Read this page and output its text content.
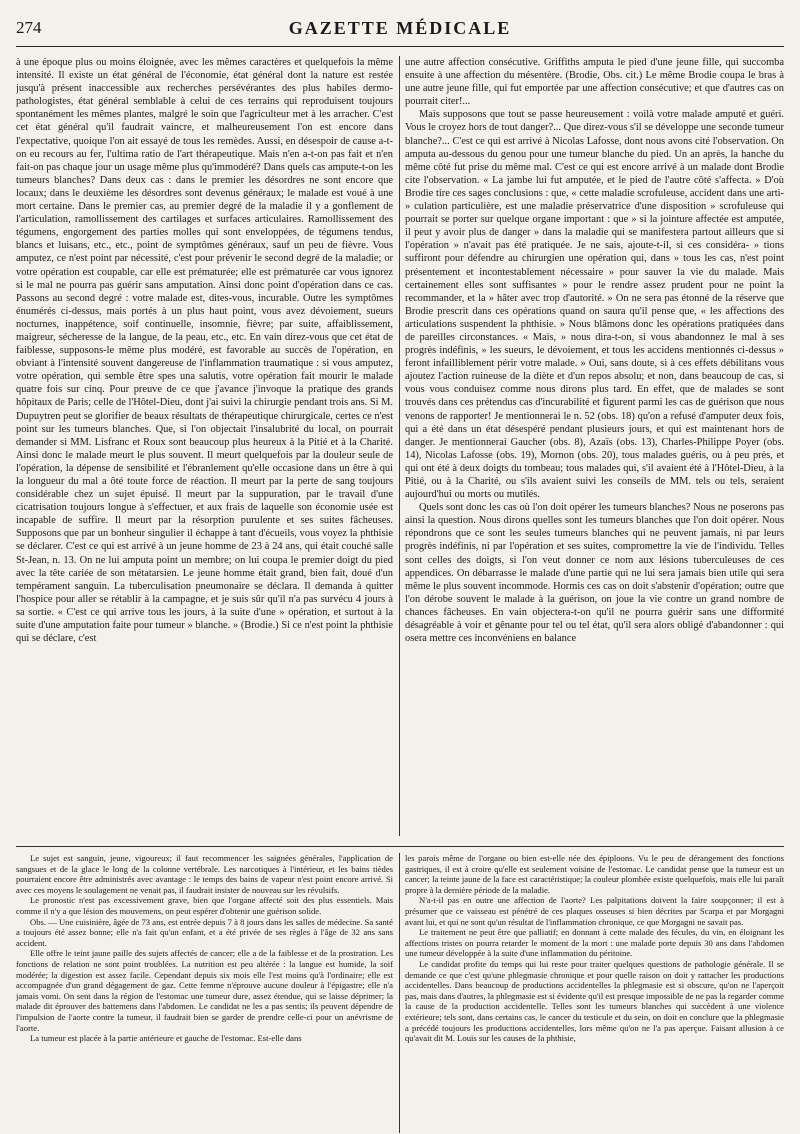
274	GAZETTE MÉDICALE

à une époque plus ou moins éloignée, avec les mêmes caractères et quelquefois la même intensité. Il existe un état général de l'économie, état général dont la nature est restée jusqu'à présent inaccessible aux recherches persévérantes des plus habiles dermo-pathologistes, état général semblable à celui de ces terrains qui reproduisent toujours spontanément les mêmes plantes, malgré le soin que l'agriculteur met à les arracher. C'est cet état général qu'il faudrait vaincre, et malheureusement l'on est encore dans l'expectative, quoique l'on ait essayé de tous les remèdes. Aussi, en désespoir de cause a-t-on eu recours au fer, l'ultima ratio de l'art thérapeutique. Mais n'en a-t-on pas fait et n'en fait-on pas chaque jour un usage même plus qu'immodéré? Dans quels cas ampute-t-on les tumeurs blanches? Dans deux cas : dans le premier les désordres ne sont encore que locaux; dans le deuxième les désordres sont devenus généraux; le malade est voué à une mort certaine. Dans le premier cas, au premier degré de la maladie il y a gonflement de l'articulation, ramollissement des cartilages et surfaces articulaires. Ramollissement des tégumens, engorgement des parties molles qui sont enveloppées, de tégumens tendus, blancs et luisans, etc., etc., point de symptômes généraux, sauf un peu de fièvre. Vous amputez, ce n'est point par nécessité, c'est pour prévenir le second degré de la maladie; or votre opération est coupable, car elle est prématurée; elle est prématurée car vous ignorez si le mal ne pourra pas guérir sans amputation. Ainsi donc point d'opération dans ce cas. Passons au second degré : votre malade est, dites-vous, incurable. Outre les symptômes énumérés ci-dessus, mais portés à un plus haut point, vous avez dévoiement, sueurs nocturnes, inappétence, soif continuelle, insomnie, fièvre; par suite, affaiblissement, maigreur, sécheresse de la langue, de la peau, etc., etc. En vain direz-vous que cet état de faiblesse, supposons-le même plus modéré, est favorable au succès de l'opération, en obviant à l'intensité souvent dangereuse de l'inflammation traumatique : si vous amputez, votre opération, qui semble être spes una salutis, votre opération fait mourir le malade quatre fois sur cinq. Pour preuve de ce que j'avance j'invoque la pratique des grands hôpitaux de Paris; celle de l'Hôtel-Dieu, dont j'ai suivi la chirurgie pendant trois ans. Si M. Dupuytren peut se glorifier de beaux résultats de thérapeutique chirurgicale, certes ce n'est point sur les tumeurs blanches. Que, si l'on objectait l'insalubrité du local, on pourrait demander si MM. Lisfranc et Roux sont beaucoup plus heureux à la Pitié et à la Charité. Ainsi donc le malade meurt le plus souvent. Il meurt quelquefois par la douleur seule de l'opération, la dépense de sensibilité et l'ébranlement qu'elle occasione dans un être à qui la longueur du mal a ôté toute force de réaction. Il meurt par la perte de sang toujours considérable chez un sujet épuisé. Il meurt par la suppuration, par le travail d'une cicatrisation toujours longue à s'effectuer, et aux frais de laquelle son économie usée est incapable de suffire. Il meurt par la résorption purulente et ses suites fâcheuses. Supposons que par un bonheur singulier il échappe à tant d'écueils, vous voyez la phthisie se déclarer. C'est ce qui est arrivé à un jeune homme de 23 à 24 ans, qui était couché salle St-Jean, n. 13. On ne lui amputa point un membre; on lui coupa le premier doigt du pied avec la tête cariée de son métatarsien. Le jeune homme était grand, bien fait, doué d'un tempérament sanguin. La tuberculisation pneumonaire se déclara. Il demanda à quitter l'hospice pour aller se rétablir à la campagne, et je suis sûr qu'il n'a pas survécu 4 jours à sa sortie. « C'est ce qui arrive tous les jours, à la suite d'une » opération, et surtout à la suite d'une amputation faite pour tumeur » blanche. » (Brodie.) Si ce n'est point la phthisie qui se déclare, c'est

une autre affection consécutive. Griffiths amputa le pied d'une jeune fille, qui succomba ensuite à une affection du mésentère. (Brodie, Obs. cit.) Le même Brodie coupa le bras à une autre jeune fille, qui fut emportée par une affection consécutive; et que d'autres cas on pourrait citer!...

Mais supposons que tout se passe heureusement : voilà votre malade amputé et guéri. Vous le croyez hors de tout danger?... Que direz-vous s'il se développe une seconde tumeur blanche?... C'est ce qui est arrivé à Nicolas Lafosse, dont nous avons cité l'observation. On amputa au-dessous du genou pour une tumeur blanche du pied. Un an après, la hanche du même côté fut prise du même mal. C'est ce qui est encore arrivé à un malade dont Brodie cite l'observation. « La jambe lui fut amputée, et le pied de l'autre côté s'affecta. » D'où Brodie tire ces sages conclusions : que, « cette maladie scrofuleuse, accident dans une arti- » culation particulière, est une maladie préservatrice d'une disposition » scrofuleuse qui pourrait se porter sur quelque organe important : que » si la jointure affectée est amputée, il peut y avoir plus de danger » dans la maladie qui se manifestera partout ailleurs que si l'opération » n'avait pas été pratiquée. Je ne sais, ajoute-t-il, si ces considéra- » tions suffiront pour défendre au chirurgien une opération qui, dans » tous les cas, n'est point présentement et incontestablement nécessaire » pour sauver la vie du malade. Mais certainement elles sont suffisantes » pour le rendre assez prudent pour ne point la recommander, et la » hâter avec trop d'autorité. » On ne sera pas étonné de la réserve que Brodie prescrit dans ces opérations quand on saura qu'il pense que, « les affections des articulations suspendent la phthisie. » Nous blâmons donc les opérations pratiquées dans de pareilles circonstances. « Mais, » nous dira-t-on, si vous abandonnez le mal à ses progrès indéfinis, » les sueurs, le dévoiement, et tous les accidens mentionnés ci-dessus » feront infailliblement périr votre malade. » Oui, sans doute, si à ces effets débilitans vous ajoutez l'action ruineuse de la diète et d'un repos absolu; et non, dans beaucoup de cas, si vous vous conduisez comme nous dirons plus tard. En effet, que de malades se sont trouvés dans ces prétendus cas d'incurabilité et figurent parmi les cas de guérison que nous venons de rapporter! Je mentionnerai le n. 52 (obs. 18) qu'on a refusé d'amputer deux fois, qui a été dans un état désespéré pendant plusieurs jours, et qui est maintenant hors de danger. Je mentionnerai Gaucher (obs. 8), Azaïs (obs. 13), Charles-Philippe Poyer (obs. 14), Nicolas Lafosse (obs. 19), Mornon (obs. 20), tous malades guéris, ou à peu près, et qui ont été à deux doigts du tombeau; tous malades qui, s'il avaient été à l'Hôtel-Dieu, à la Pitié, ou à la Charité, ou s'ils avaient suivi les conseils de MM. tels ou tels, seraient aujourd'hui ou morts ou mutilés.

Quels sont donc les cas où l'on doit opérer les tumeurs blanches? Nous ne poserons pas ainsi la question. Nous dirons quelles sont les tumeurs blanches que l'on doit opérer. Nous répondrons que ce sont les seules tumeurs blanches qui ne peuvent jamais, ni par leurs progrès indéfinis, ni par l'opération et ses suites, compromettre la vie de l'individu. Telles sont celles des doigts, si l'on veut donner ce nom aux lésions tuberculeuses de ces appendices. On débarrasse le malade d'une partie qui ne lui sera jamais bien utile qui sera même le plus souvent incommode. Hormis ces cas on doit s'abstenir d'opération; outre que l'on dérobe souvent le malade à la guérison, on joue la vie contre un grand nombre de chances fâcheuses. En vain objectera-t-on qu'il ne pourra guérir sans une difformité désagréable à voir et gênante pour tel ou tel état, qu'il sera alors obligé d'abandonner : qui osera mettre ces inconvéniens en balance

Le sujet est sanguin, jeune, vigoureux; il faut recommencer les saignées générales, l'application de sangsues et de la glace le long de la colonne vertébrale. Les narcotiques à l'intérieur, et les bains tièdes pourraient encore être administrés avec avantage : le temps des bains de vapeur n'est point encore arrivé. Si avec ces moyens le soulagement ne venait pas, il faudrait insister de nouveau sur les révulsifs.

Le pronostic n'est pas excessivement grave, bien que l'organe affecté soit des plus essentiels. Mais comme il n'y a que lésion des mouvemens, on peut espérer d'obtenir une guérison solide.

Obs. — Une cuisinière, âgée de 73 ans, est entrée depuis 7 à 8 jours dans les salles de médecine. Sa santé a toujours été assez bonne; elle n'a fait qu'un enfant, et a été privée de ses règles à l'âge de 32 ans sans accident.

Elle offre le teint jaune paille des sujets affectés de cancer; elle a de la faiblesse et de la prostration. Les fonctions de relation ne sont point troublées. La nutrition est peu altérée : la langue est humide, la soif modérée; la digestion est assez facile. Cependant depuis six mois elle l'est moins qu'à l'ordinaire; elle est accompagnée d'un grand dégagement de gaz. Cette femme n'éprouve aucune douleur à l'épigastre; elle n'a jamais vomi. On sent dans la région de l'estomac une tumeur dure, assez étendue, qui se laisse déprimer; la malade dit éprouver des battemens dans l'abdomen. Le candidat ne les a pas sentis; ils peuvent dépendre de l'impulsion de l'aorte contre la tumeur, il faudrait bien se garder de prendre celle-ci pour un anévrisme de l'aorte.

La tumeur est placée à la partie antérieure et gauche de l'estomac. Est-elle dans

les parois même de l'organe ou bien est-elle née des épiploons. Vu le peu de dérangement des fonctions gastriques, il est à croire qu'elle est seulement voisine de l'estomac. Le candidat pense que la tumeur est un cancer; la teinte jaune de la face est caractéristique; la couleur plombée existe quelquefois, mais elle lui paraît propre à la dernière période de la maladie.

N'a-t-il pas en outre une affection de l'aorte? Les palpitations doivent la faire soupçonner; il est à présumer que ce vaisseau est pénétré de ces plaques osseuses si bien décrites par Scarpa et par Morgagni avant lui, et qui ne sont qu'un résultat de l'inflammation chronique, ce que Morgagni ne savait pas.

Le traitement ne peut être que palliatif; en donnant à cette malade des fécules, du vin, en éloignant les affections tristes on pourra retarder le moment de la mort : une malade porte depuis 30 ans dans l'abdomen une tumeur développée à la suite d'une inflammation du péritoine.

Le candidat profite du temps qui lui reste pour traiter quelques questions de pathologie générale. Il se demande ce que c'est qu'une phlegmasie chronique et pour quelle raison on doit y rattacher les productions accidentelles. Dans beaucoup de productions accidentelles la phlegmasie est si obscure, qu'on ne l'aperçoit pas, mais dans d'autres, la phlegmasie est si évidente qu'il est presque impossible de ne pas la regarder comme la cause de la production accidentelle. Telles sont les tumeurs blanches qui succèdent à une violence extérieure; tels sont, dans certains cas, le cancer du testicule et du sein, on doit en conclure que la phlegmasie a précédé toujours les productions accidentelles, lors même qu'on ne l'a pas aperçue. Faisant allusion à ce qu'avait dit M. Louis sur les causes de la phthisie,
